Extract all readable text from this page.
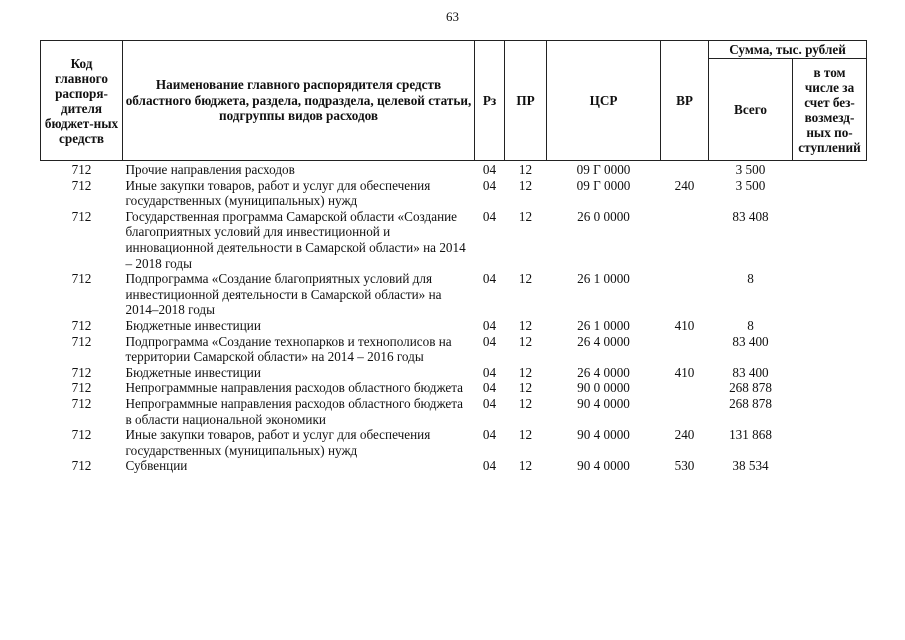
63
Код главного распоря-дителя бюджет-ных средств	Наименование главного распорядителя средств областного бюджета, раздела, подраздела, целевой статьи, подгруппы видов расходов	Рз	ПР	ЦСР	ВР	Сумма, тыс. рублей	
						Всего	в том числе за счет без-возмезд-ных по-ступлений
712	Прочие направления расходов	04	12	09 Г 0000		3 500	
712	Иные закупки товаров, работ и услуг для обеспечения государственных (муниципальных) нужд	04	12	09 Г 0000	240	3 500	
712	Государственная программа Самарской области «Создание благоприятных условий для инвестиционной и инновационной деятельности в Самарской области» на 2014 – 2018 годы	04	12	26 0 0000		83 408	
712	Подпрограмма «Создание благоприятных условий для инвестиционной деятельности в Самарской области» на 2014–2018 годы	04	12	26 1 0000		8	
712	Бюджетные инвестиции	04	12	26 1 0000	410	8	
712	Подпрограмма «Создание технопарков и технополисов на территории Самарской области» на 2014 – 2016 годы	04	12	26 4 0000		83 400	
712	Бюджетные инвестиции	04	12	26 4 0000	410	83 400	
712	Непрограммные направления расходов областного бюджета	04	12	90 0 0000		268 878	
712	Непрограммные направления расходов областного бюджета в области национальной экономики	04	12	90 4 0000		268 878	
712	Иные закупки товаров, работ и услуг для обеспечения государственных (муниципальных) нужд	04	12	90 4 0000	240	131 868	
712	Субвенции	04	12	90 4 0000	530	38 534	
